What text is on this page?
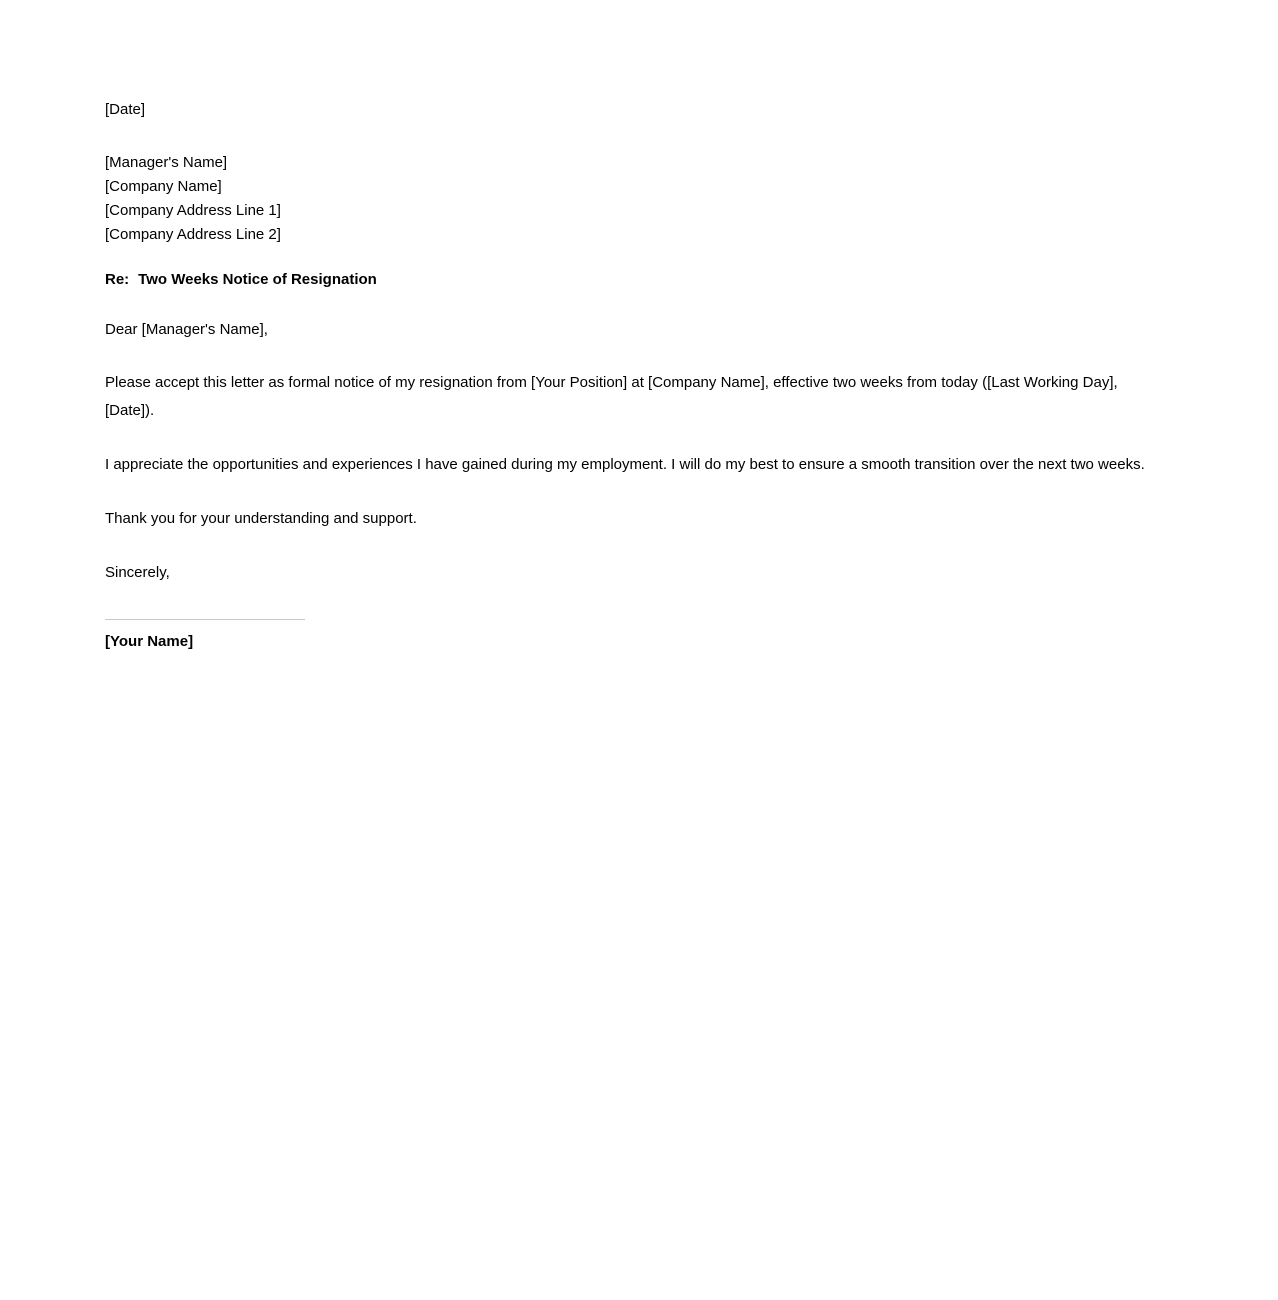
[Date]

[Manager's Name]

[Company Name]

[Company Address Line 1]

[Company Address Line 2]

Re: Two Weeks Notice of Resignation

Dear [Manager's Name],

Please accept this letter as formal notice of my resignation from [Your Position] at [Company Name], effective two weeks from today ([Last Working Day], [Date]).

I appreciate the opportunities and experiences I have gained during my employment. I will do my best to ensure a smooth transition over the next two weeks.

Thank you for your understanding and support.

Sincerely,

[Your Name]
